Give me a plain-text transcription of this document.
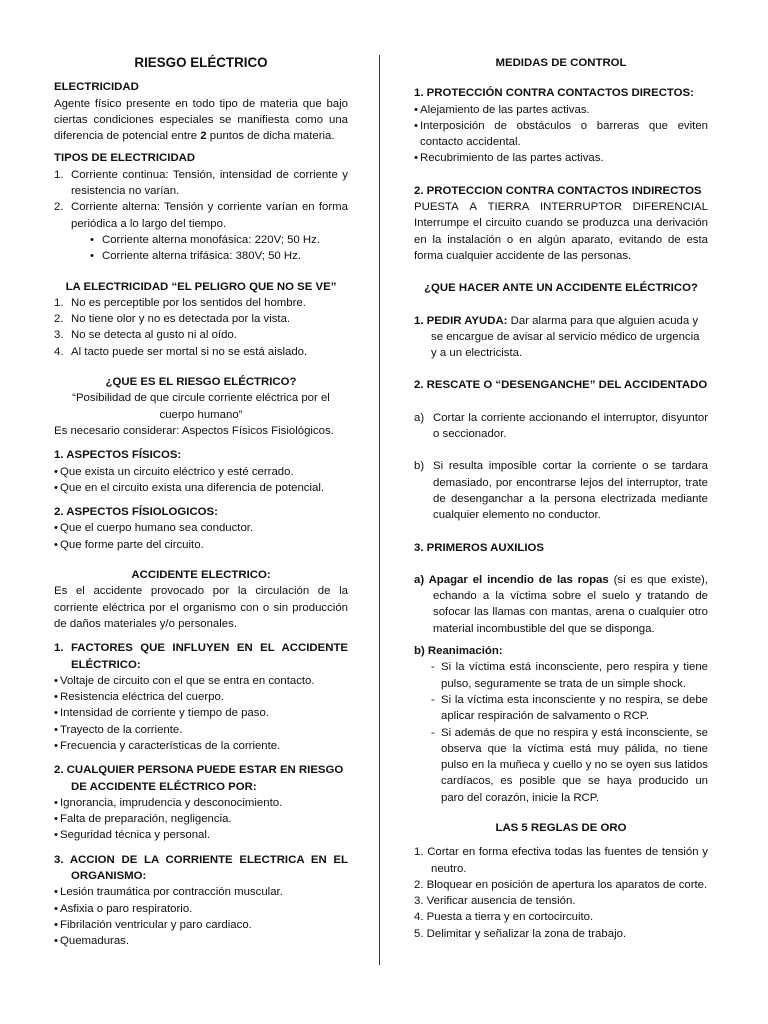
RIESGO ELÉCTRICO

ELECTRICIDAD

Agente físico presente en todo tipo de materia que bajo ciertas condiciones especiales se manifiesta como una diferencia de potencial entre 2 puntos de dicha materia.

TIPOS DE ELECTRICIDAD

1. Corriente continua: Tensión, intensidad de corriente y resistencia no varían.
2. Corriente alterna: Tensión y corriente varían en forma periódica a lo largo del tiempo.
• Corriente alterna monofásica: 220V; 50 Hz.
• Corriente alterna trifásica: 380V; 50 Hz.

LA ELECTRICIDAD “EL PELIGRO QUE NO SE VE”

1. No es perceptible por los sentidos del hombre.
2. No tiene olor y no es detectada por la vista.
3. No se detecta al gusto ni al oído.
4. Al tacto puede ser mortal si no se está aislado.

¿QUE ES EL RIESGO ELÉCTRICO?

“Posibilidad de que circule corriente eléctrica por el cuerpo humano”

Es necesario considerar: Aspectos Físicos Fisiológicos.

1. ASPECTOS FÍSICOS:

• Que exista un circuito eléctrico y esté cerrado.
• Que en el circuito exista una diferencia de potencial.

2. ASPECTOS FÍSIOLOGICOS:

• Que el cuerpo humano sea conductor.
• Que forme parte del circuito.

ACCIDENTE ELECTRICO:

Es el accidente provocado por la circulación de la corriente eléctrica por el organismo con o sin producción de daños materiales y/o personales.

1. FACTORES QUE INFLUYEN EN EL ACCIDENTE ELÉCTRICO:

• Voltaje de circuito con el que se entra en contacto.
• Resistencia eléctrica del cuerpo.
• Intensidad de corriente y tiempo de paso.
• Trayecto de la corriente.
• Frecuencia y características de la corriente.

2. CUALQUIER PERSONA PUEDE ESTAR EN RIESGO DE ACCIDENTE ELÉCTRICO POR:

• Ignorancia, imprudencia y desconocimiento.
• Falta de preparación, negligencia.
• Seguridad técnica y personal.

3. ACCION DE LA CORRIENTE ELECTRICA EN EL ORGANISMO:

• Lesión traumática por contracción muscular.
• Asfixia o paro respiratorio.
• Fibrilación ventricular y paro cardiaco.
• Quemaduras.

MEDIDAS DE CONTROL

1. PROTECCIÓN CONTRA CONTACTOS DIRECTOS:

• Alejamiento de las partes activas.
• Interposición de obstáculos o barreras que eviten contacto accidental.
• Recubrimiento de las partes activas.

2. PROTECCION CONTRA CONTACTOS INDIRECTOS

PUESTA A TIERRA INTERRUPTOR DIFERENCIAL

Interrumpe el circuito cuando se produzca una derivación en la instalación o en algún aparato, evitando de esta forma cualquier accidente de las personas.

¿QUE HACER ANTE UN ACCIDENTE ELÉCTRICO?

1. PEDIR AYUDA: Dar alarma para que alguien acuda y se encargue de avisar al servicio médico de urgencia y a un electricista.

2. RESCATE O “DESENGANCHE” DEL ACCIDENTADO

a) Cortar la corriente accionando el interruptor, disyuntor o seccionador.
b) Si resulta imposible cortar la corriente o se tardara demasiado, por encontrarse lejos del interruptor, trate de desenganchar a la persona electrizada mediante cualquier elemento no conductor.

3. PRIMEROS AUXILIOS

a) Apagar el incendio de las ropas (si es que existe), echando a la víctima sobre el suelo y tratando de sofocar las llamas con mantas, arena o cualquier otro material incombustible del que se disponga.

b) Reanimación:

- Si la víctima está inconsciente, pero respira y tiene pulso, seguramente se trata de un simple shock.
- Si la víctima esta inconsciente y no respira, se debe aplicar respiración de salvamento o RCP.
- Si además de que no respira y está inconsciente, se observa que la víctima está muy pálida, no tiene pulso en la muñeca y cuello y no se oyen sus latidos cardíacos, es posible que se haya producido un paro del corazón, inicie la RCP.

LAS 5 REGLAS DE ORO

1. Cortar en forma efectiva todas las fuentes de tensión y neutro.

2. Bloquear en posición de apertura los aparatos de corte.

3. Verificar ausencia de tensión.

4. Puesta a tierra y en cortocircuito.

5. Delimitar y señalizar la zona de trabajo.
